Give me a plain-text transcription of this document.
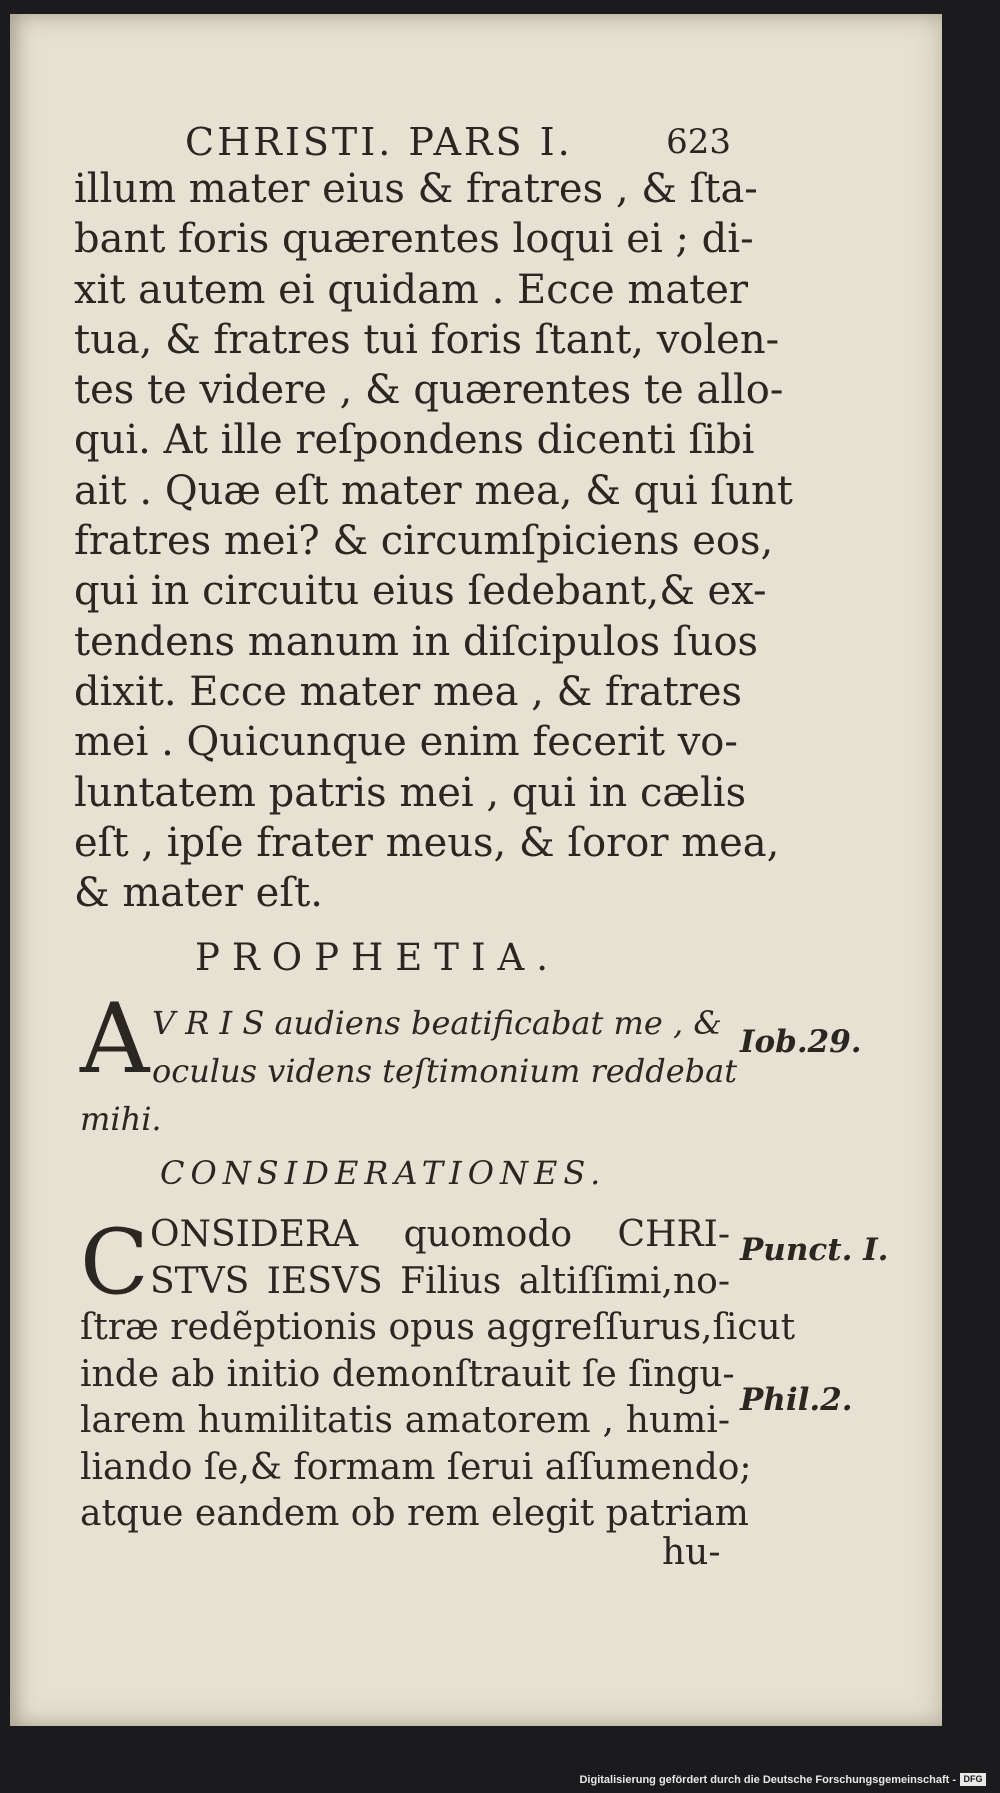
CHRISTI. PARS I.	623
illum mater eius & fratres , & ſta-
bant foris quærentes loqui ei ; di-
xit autem ei quidam . Ecce mater
tua, & fratres tui foris ſtant, volen-
tes te videre , & quærentes te allo-
qui. At ille reſpondens dicenti ſibi
ait . Quæ eſt mater mea, & qui ſunt
fratres mei? & circumſpiciens eos,
qui in circuitu eius ſedebant,& ex-
tendens manum in diſcipulos ſuos
dixit. Ecce mater mea , & fratres
mei . Quicunque enim fecerit vo-
luntatem patris mei , qui in cælis
eſt , ipſe frater meus, & ſoror mea,
& mater eſt.
PROPHETIA.
A V R I S audiens beatificabat me , &
oculus videns teſtimonium reddebat
mihi.
Iob.29.
CONSIDERATIONES.
C ONSIDERA quomodo CHRI-
STVS IESVS Filius altiſſimi,no-
ſtræ redẽptionis opus aggreſſurus,ſicut
inde ab initio demonſtrauit ſe ſingu-
larem humilitatis amatorem , humi-
liando ſe,& formam ſerui aſſumendo;
atque eandem ob rem elegit patriam
hu-
Punct. I.
Phil.2.
Digitalisierung gefördert durch die Deutsche Forschungsgemeinschaft - DFG
